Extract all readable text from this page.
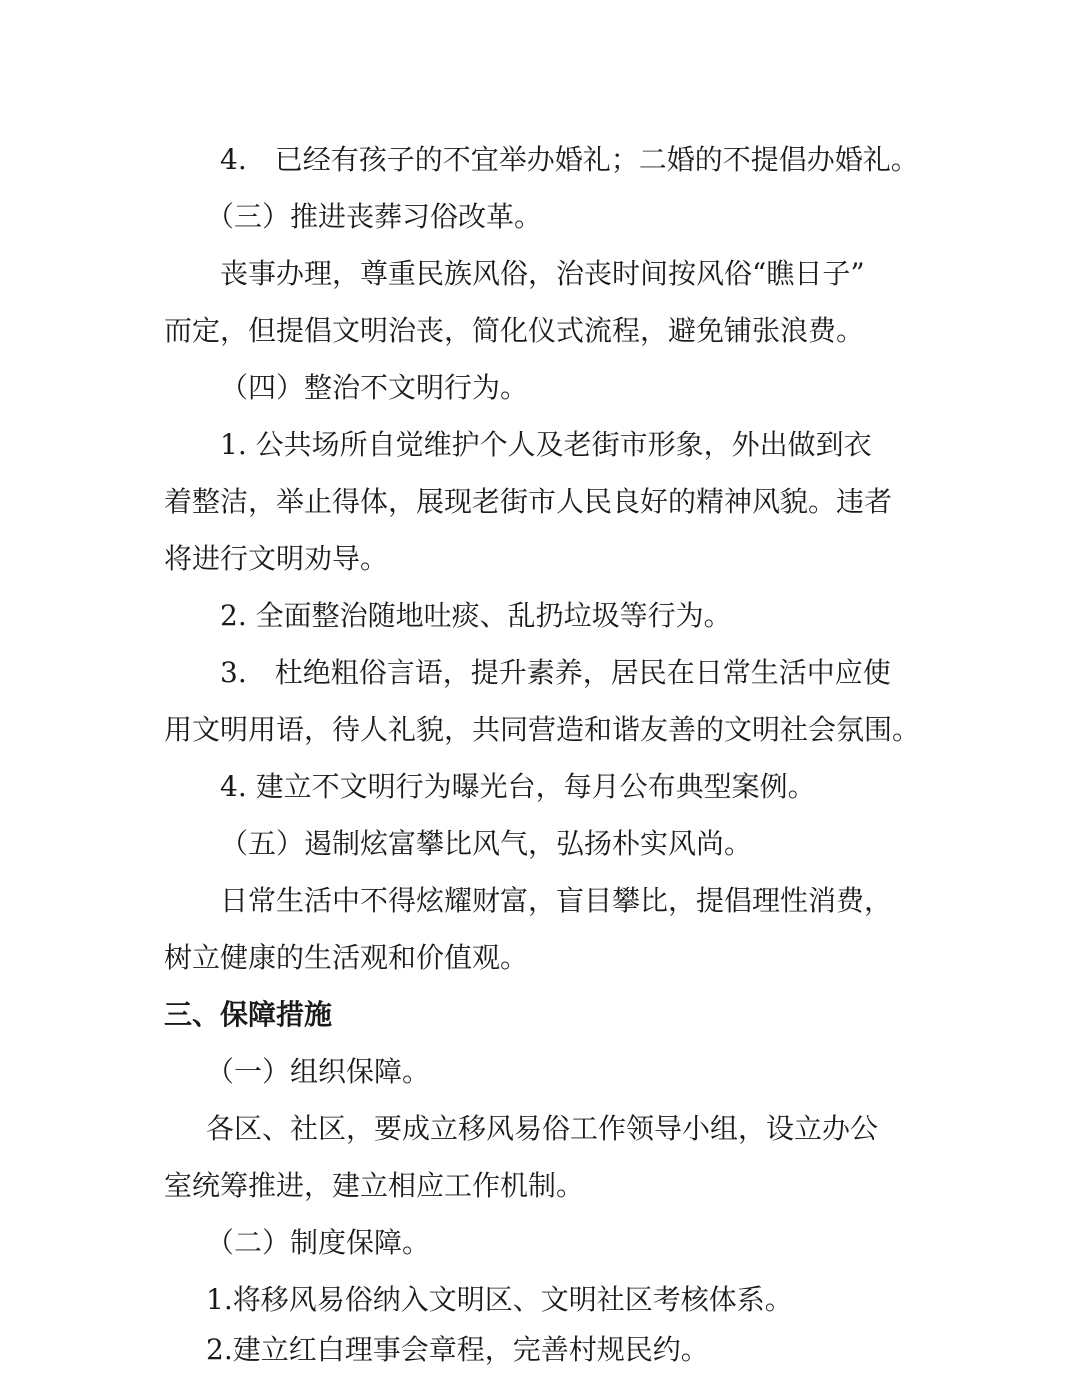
4.　已经有孩子的不宜举办婚礼；二婚的不提倡办婚礼。
（三）推进丧葬习俗改革。
丧事办理，尊重民族风俗，治丧时间按风俗“瞧日子”
而定，但提倡文明治丧，简化仪式流程，避免铺张浪费。
（四）整治不文明行为。
1. 公共场所自觉维护个人及老街市形象，外出做到衣
着整洁，举止得体，展现老街市人民良好的精神风貌。违者
将进行文明劝导。
2. 全面整治随地吐痰、乱扔垃圾等行为。
3.　杜绝粗俗言语，提升素养，居民在日常生活中应使
用文明用语，待人礼貌，共同营造和谐友善的文明社会氛围。
4. 建立不文明行为曝光台，每月公布典型案例。
（五）遏制炫富攀比风气，弘扬朴实风尚。
日常生活中不得炫耀财富，盲目攀比，提倡理性消费，
树立健康的生活观和价值观。
三、保障措施
（一）组织保障。
各区、社区，要成立移风易俗工作领导小组，设立办公
室统筹推进，建立相应工作机制。
（二）制度保障。
1.将移风易俗纳入文明区、文明社区考核体系。
2.建立红白理事会章程，完善村规民约。
